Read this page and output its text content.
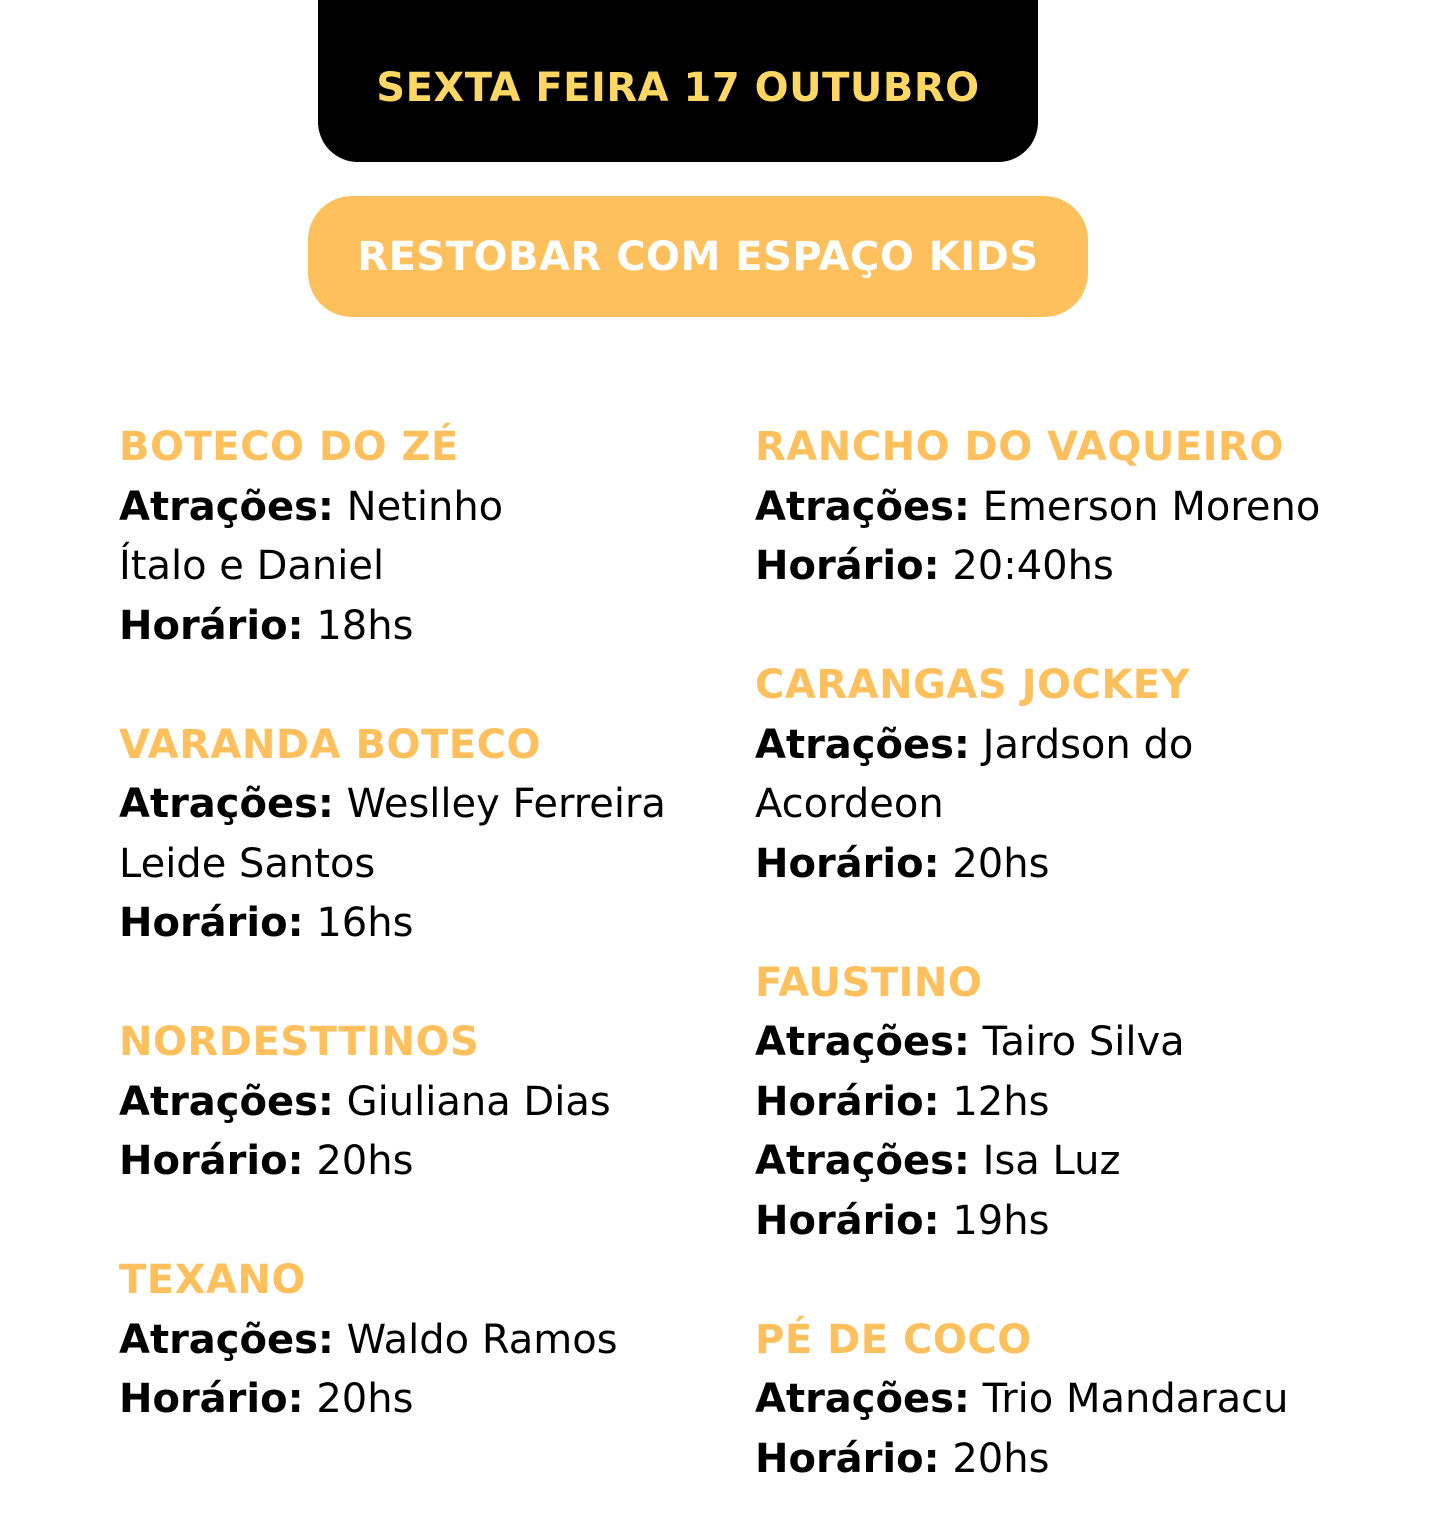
SEXTA FEIRA 17 OUTUBRO
RESTOBAR COM ESPAÇO KIDS
BOTECO DO ZÉ
Atrações: Netinho
Ítalo e Daniel
Horário: 18hs
VARANDA BOTECO
Atrações: Weslley Ferreira
Leide Santos
Horário: 16hs
NORDESTTINOS
Atrações: Giuliana Dias
Horário: 20hs
TEXANO
Atrações: Waldo Ramos
Horário: 20hs
RANCHO DO VAQUEIRO
Atrações: Emerson Moreno
Horário: 20:40hs
CARANGAS JOCKEY
Atrações: Jardson do
Acordeon
Horário: 20hs
FAUSTINO
Atrações: Tairo Silva
Horário: 12hs
Atrações: Isa Luz
Horário: 19hs
PÉ DE COCO
Atrações: Trio Mandaracu
Horário: 20hs
